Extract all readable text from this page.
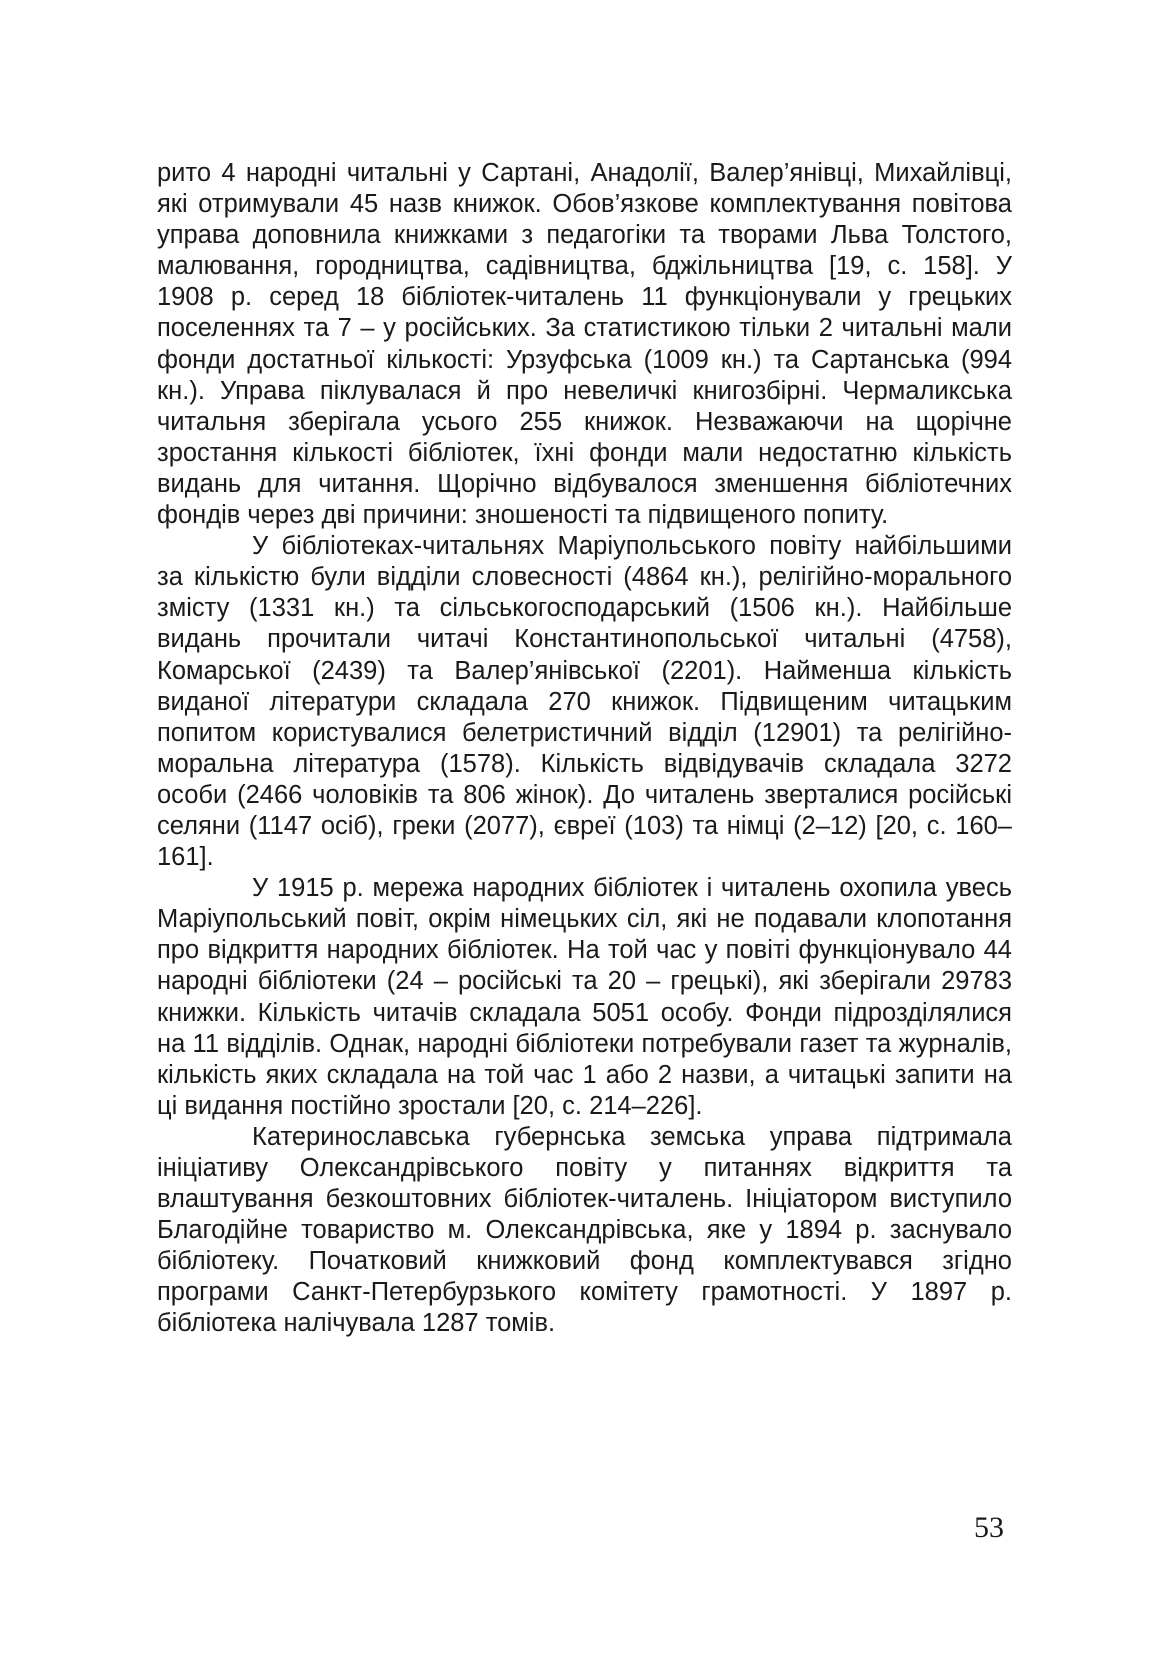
рито 4 народні читальні у Сартані, Анадолії, Валер’янівці, Михайлівці, які отримували 45 назв книжок. Обов’язкове комплектування повітова управа доповнила книжками з педагогіки та творами Льва Толстого, малювання, городництва, садівництва, бджільництва [19, с. 158]. У 1908 р. серед 18 бібліотек-читалень 11 функціонували у грецьких поселеннях та 7 – у російських. За статистикою тільки 2 читальні мали фонди достатньої кількості: Урзуфська (1009 кн.) та Сартанська (994 кн.). Управа піклувалася й про невеличкі книгозбірні. Чермаликська читальня зберігала усього 255 книжок. Незважаючи на щорічне зростання кількості бібліотек, їхні фонди мали недостатню кількість видань для читання. Щорічно відбувалося зменшення бібліотечних фондів через дві причини: зношеності та підвищеного попиту.

У бібліотеках-читальнях Маріупольського повіту найбільшими за кількістю були відділи словесності (4864 кн.), релігійно-морального змісту (1331 кн.) та сільськогосподарський (1506 кн.). Найбільше видань прочитали читачі Константинопольської читальні (4758), Комарської (2439) та Валер’янівської (2201). Найменша кількість виданої літератури складала 270 книжок. Підвищеним читацьким попитом користувалися белетристичний відділ (12901) та релігійно-моральна література (1578). Кількість відвідувачів складала 3272 особи (2466 чоловіків та 806 жінок). До читалень зверталися російські селяни (1147 осіб), греки (2077), євреї (103) та німці (2–12) [20, с. 160–161].

У 1915 р. мережа народних бібліотек і читалень охопила увесь Маріупольський повіт, окрім німецьких сіл, які не подавали клопотання про відкриття народних бібліотек. На той час у повіті функціонувало 44 народні бібліотеки (24 – російські та 20 – грецькі), які зберігали 29783 книжки. Кількість читачів складала 5051 особу. Фонди підрозділялися на 11 відділів. Однак, народні бібліотеки потребували газет та журналів, кількість яких складала на той час 1 або 2 назви, а читацькі запити на ці видання постійно зростали [20, с. 214–226].

Катеринославська губернська земська управа підтримала ініціативу Олександрівського повіту у питаннях відкриття та влаштування безкоштовних бібліотек-читалень. Ініціатором виступило Благодійне товариство м. Олександрівська, яке у 1894 р. заснувало бібліотеку. Початковий книжковий фонд комплектувався згідно програми Санкт-Петербурзького комітету грамотності. У 1897 р. бібліотека налічувала 1287 томів.

53
